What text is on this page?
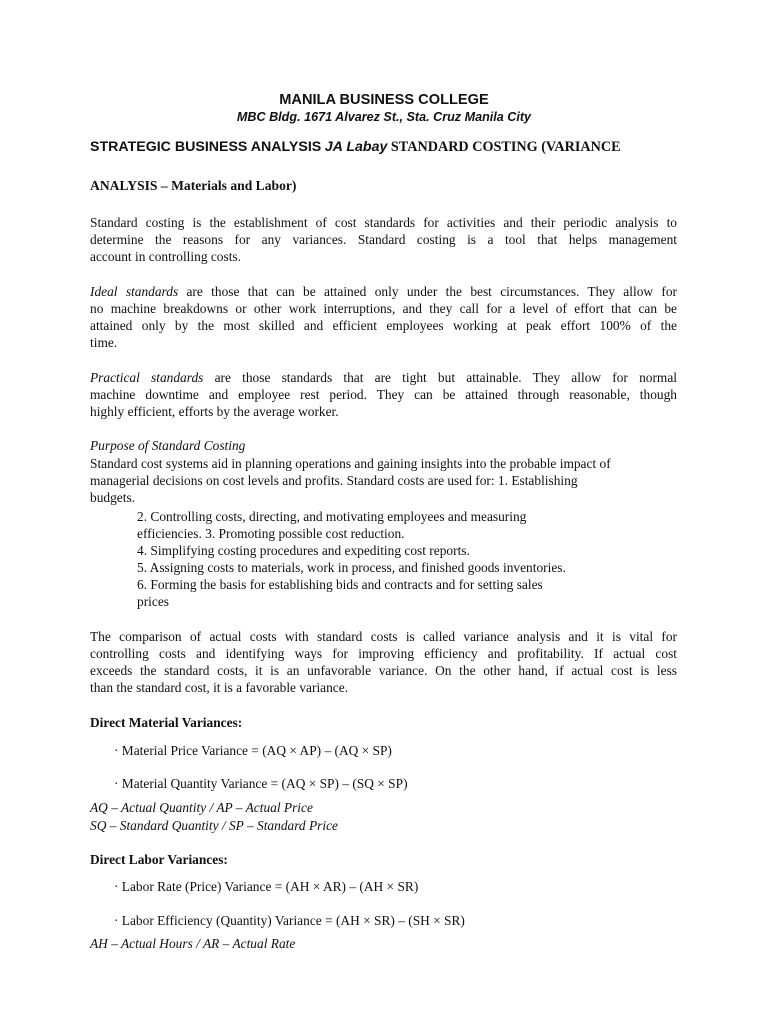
MANILA BUSINESS COLLEGE
MBC Bldg. 1671 Alvarez St., Sta. Cruz Manila City
STRATEGIC BUSINESS ANALYSIS JA Labay STANDARD COSTING (VARIANCE
ANALYSIS – Materials and Labor)
Standard costing is the establishment of cost standards for activities and their periodic analysis to
determine the reasons for any variances. Standard costing is a tool that helps management
account in controlling costs.
Ideal standards are those that can be attained only under the best circumstances. They allow for
no machine breakdowns or other work interruptions, and they call for a level of effort that can be
attained only by the most skilled and efficient employees working at peak effort 100% of the
time.
Practical standards are those standards that are tight but attainable. They allow for normal
machine downtime and employee rest period. They can be attained through reasonable, though
highly efficient, efforts by the average worker.
Purpose of Standard Costing
Standard cost systems aid in planning operations and gaining insights into the probable impact of
managerial decisions on cost levels and profits. Standard costs are used for: 1. Establishing
budgets.
2. Controlling costs, directing, and motivating employees and measuring
efficiencies. 3. Promoting possible cost reduction.
4. Simplifying costing procedures and expediting cost reports.
5. Assigning costs to materials, work in process, and finished goods inventories.
6. Forming the basis for establishing bids and contracts and for setting sales
prices
The comparison of actual costs with standard costs is called variance analysis and it is vital for
controlling costs and identifying ways for improving efficiency and profitability. If actual cost
exceeds the standard costs, it is an unfavorable variance. On the other hand, if actual cost is less
than the standard cost, it is a favorable variance.
Direct Material Variances:
· Material Price Variance = (AQ × AP) – (AQ × SP)
· Material Quantity Variance = (AQ × SP) – (SQ × SP)
AQ – Actual Quantity / AP – Actual Price
SQ – Standard Quantity / SP – Standard Price
Direct Labor Variances:
· Labor Rate (Price) Variance = (AH × AR) – (AH × SR)
· Labor Efficiency (Quantity) Variance = (AH × SR) – (SH × SR)
AH – Actual Hours / AR – Actual Rate
